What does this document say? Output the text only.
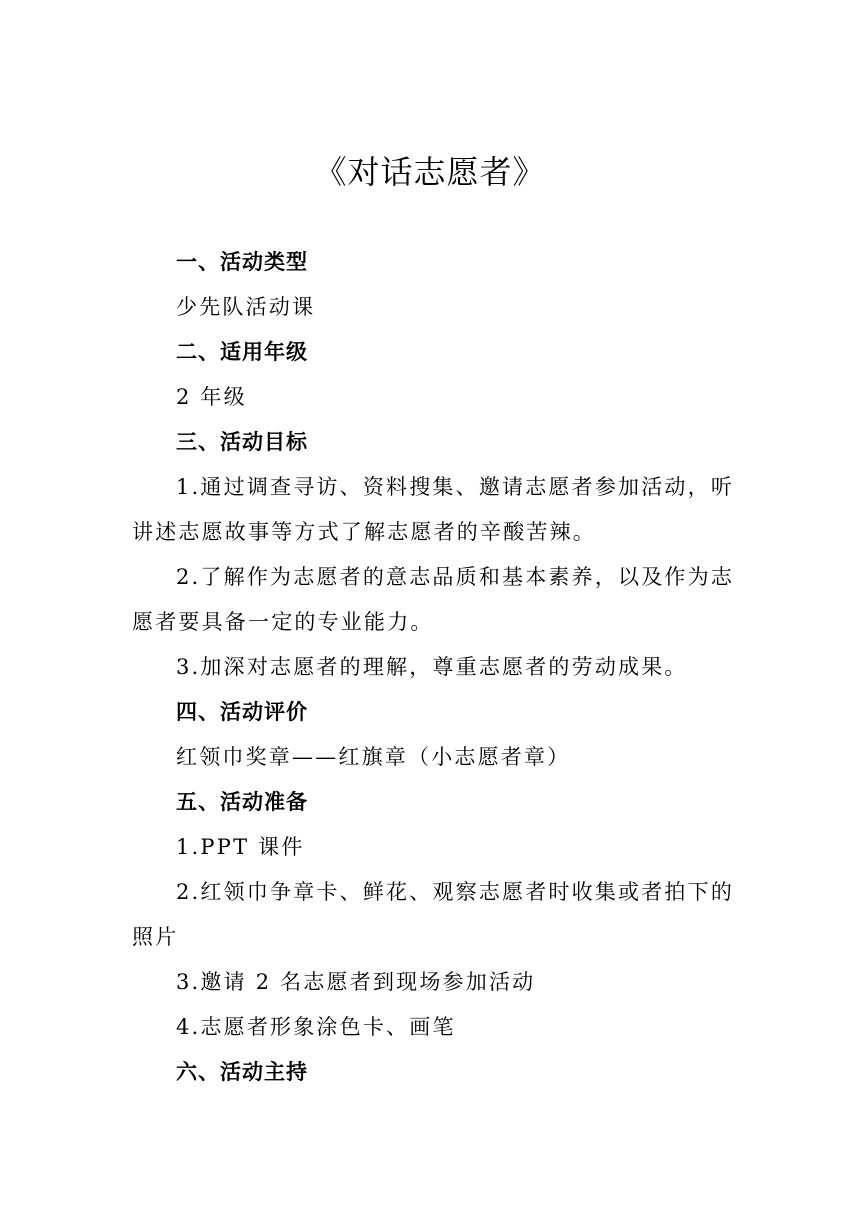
《对话志愿者》
一、活动类型
少先队活动课
二、适用年级
2 年级
三、活动目标
1.通过调查寻访、资料搜集、邀请志愿者参加活动，听
讲述志愿故事等方式了解志愿者的辛酸苦辣。
2.了解作为志愿者的意志品质和基本素养，以及作为志
愿者要具备一定的专业能力。
3.加深对志愿者的理解，尊重志愿者的劳动成果。
四、活动评价
红领巾奖章——红旗章（小志愿者章）
五、活动准备
1.PPT 课件
2.红领巾争章卡、鲜花、观察志愿者时收集或者拍下的
照片
3.邀请 2 名志愿者到现场参加活动
4.志愿者形象涂色卡、画笔
六、活动主持
